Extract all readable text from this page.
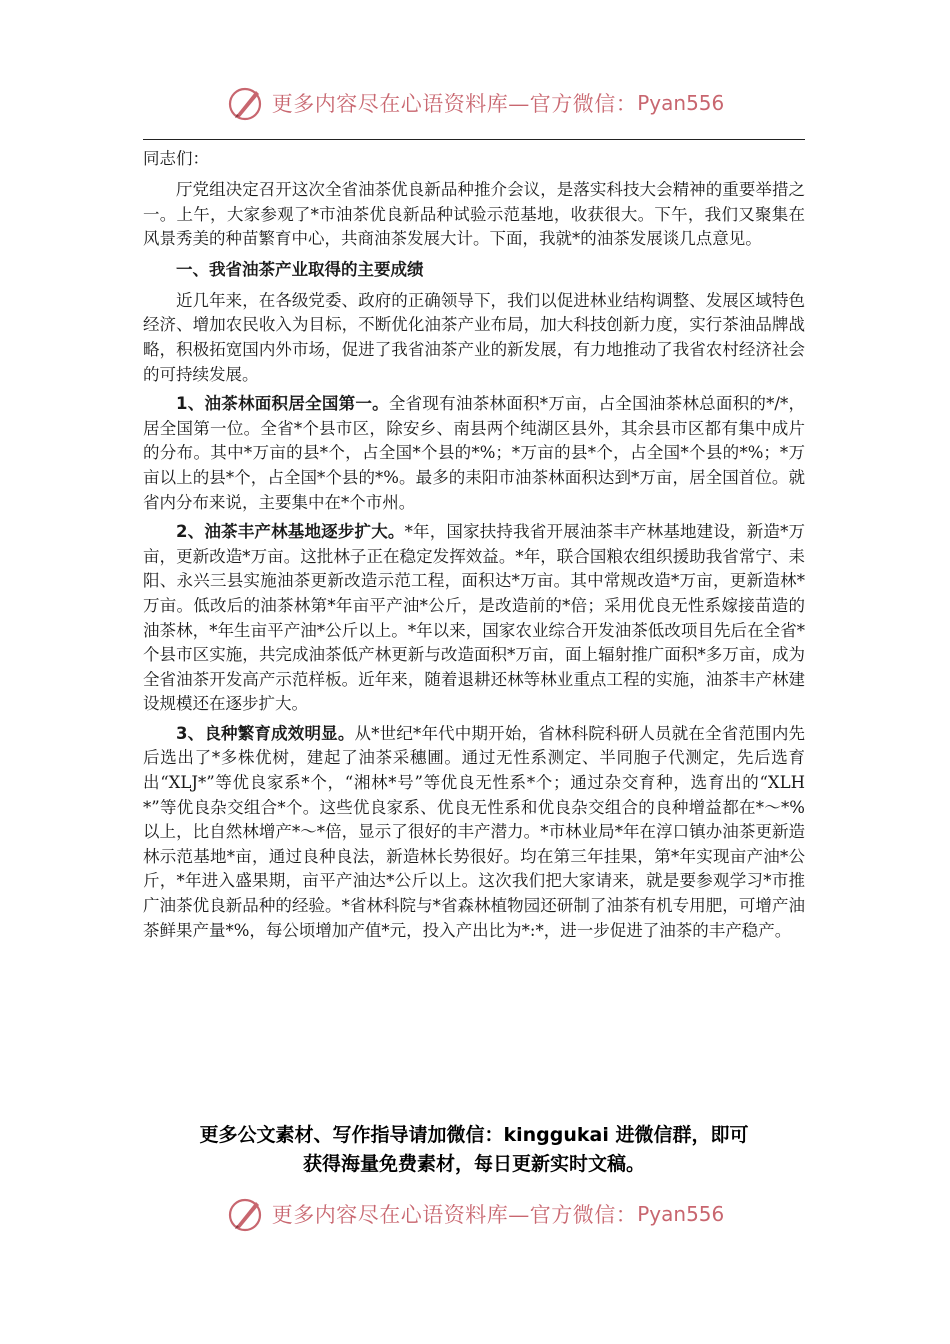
更多内容尽在心语资料库—官方微信： Pyan556

同志们：

厅党组决定召开这次全省油茶优良新品种推介会议，是落实科技大会精神的重要举措之一。上午，大家参观了*市油茶优良新品种试验示范基地，收获很大。下午，我们又聚集在风景秀美的种苗繁育中心，共商油茶发展大计。下面，我就*的油茶发展谈几点意见。

一、我省油茶产业取得的主要成绩

近几年来，在各级党委、政府的正确领导下，我们以促进林业结构调整、发展区域特色经济、增加农民收入为目标，不断优化油茶产业布局，加大科技创新力度，实行茶油品牌战略，积极拓宽国内外市场，促进了我省油茶产业的新发展，有力地推动了我省农村经济社会的可持续发展。

1、油茶林面积居全国第一。全省现有油茶林面积*万亩，占全国油茶林总面积的*/*，居全国第一位。全省*个县市区，除安乡、南县两个纯湖区县外，其余县市区都有集中成片的分布。其中*万亩的县*个，占全国*个县的*%；*万亩的县*个，占全国*个县的*%；*万亩以上的县*个，占全国*个县的*%。最多的耒阳市油茶林面积达到*万亩，居全国首位。就省内分布来说，主要集中在*个市州。

2、油茶丰产林基地逐步扩大。*年，国家扶持我省开展油茶丰产林基地建设，新造*万亩，更新改造*万亩。这批林子正在稳定发挥效益。*年，联合国粮农组织援助我省常宁、耒阳、永兴三县实施油茶更新改造示范工程，面积达*万亩。其中常规改造*万亩，更新造林*万亩。低改后的油茶林第*年亩平产油*公斤，是改造前的*倍；采用优良无性系嫁接苗造的油茶林，*年生亩平产油*公斤以上。*年以来，国家农业综合开发油茶低改项目先后在全省*个县市区实施，共完成油茶低产林更新与改造面积*万亩，面上辐射推广面积*多万亩，成为全省油茶开发高产示范样板。近年来，随着退耕还林等林业重点工程的实施，油茶丰产林建设规模还在逐步扩大。

3、良种繁育成效明显。从*世纪*年代中期开始，省林科院科研人员就在全省范围内先后选出了*多株优树，建起了油茶采穗圃。通过无性系测定、半同胞子代测定，先后选育出“XLJ*”等优良家系*个，“湘林*号”等优良无性系*个；通过杂交育种，选育出的“XLH*”等优良杂交组合*个。这些优良家系、优良无性系和优良杂交组合的良种增益都在*～*%以上，比自然林增产*～*倍，显示了很好的丰产潜力。*市林业局*年在淳口镇办油茶更新造林示范基地*亩，通过良种良法，新造林长势很好。均在第三年挂果，第*年实现亩产油*公斤，*年进入盛果期，亩平产油达*公斤以上。这次我们把大家请来，就是要参观学习*市推广油茶优良新品种的经验。*省林科院与*省森林植物园还研制了油茶有机专用肥，可增产油茶鲜果产量*%，每公顷增加产值*元，投入产出比为*:*，进一步促进了油茶的丰产稳产。

更多公文素材、写作指导请加微信：kinggukai 进微信群，即可
获得海量免费素材，每日更新实时文稿。
更多内容尽在心语资料库—官方微信： Pyan556
